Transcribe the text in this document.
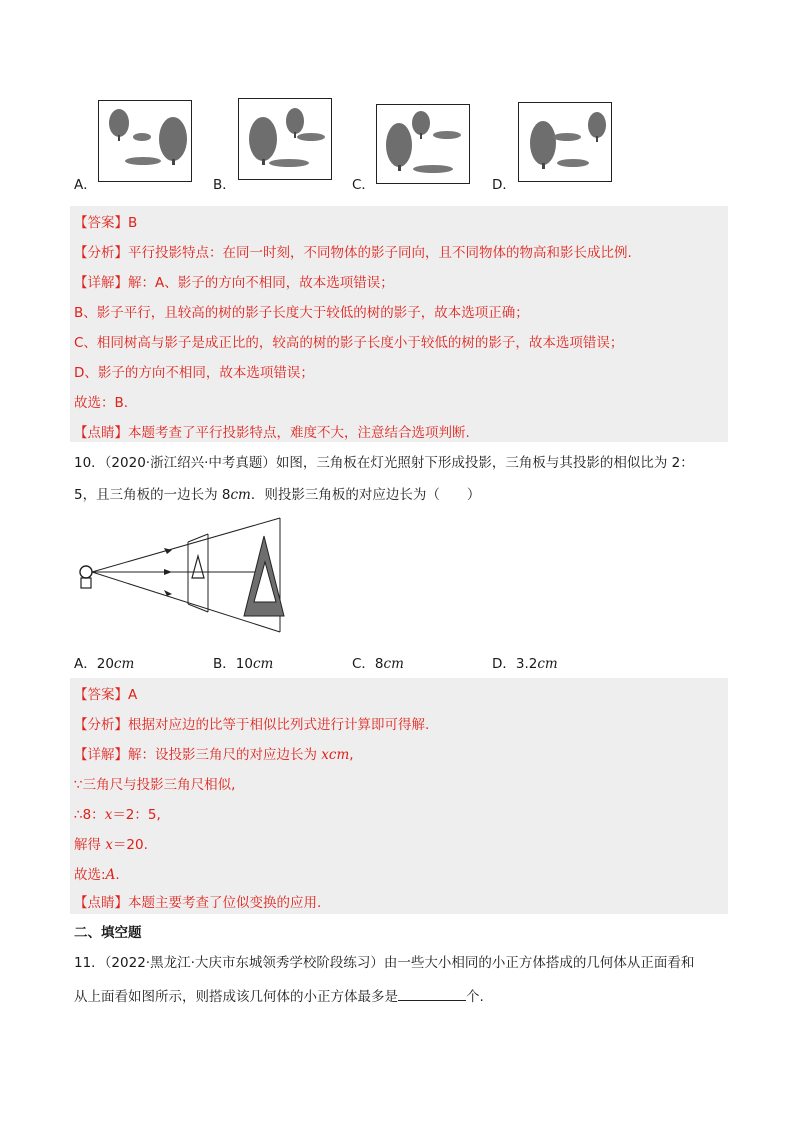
A．	B．	C．	D．
【答案】B
【分析】平行投影特点：在同一时刻，不同物体的影子同向，且不同物体的物高和影长成比例.
【详解】解：A、影子的方向不相同，故本选项错误；
B、影子平行，且较高的树的影子长度大于较低的树的影子，故本选项正确；
C、相同树高与影子是成正比的，较高的树的影子长度小于较低的树的影子，故本选项错误；
D、影子的方向不相同，故本选项错误；
故选：B.
【点睛】本题考查了平行投影特点，难度不大，注意结合选项判断.
10．（2020·浙江绍兴·中考真题）如图，三角板在灯光照射下形成投影，三角板与其投影的相似比为 2：
5，且三角板的一边长为 8cm．则投影三角板的对应边长为（　　）
A．20cm	B．10cm	C．8cm	D．3.2cm
【答案】A
【分析】根据对应边的比等于相似比列式进行计算即可得解.
【详解】解：设投影三角尺的对应边长为 xcm,
∵三角尺与投影三角尺相似,
∴8：x＝2：5,
解得 x＝20.
故选:A.
【点睛】本题主要考查了位似变换的应用.
二、填空题
11．（2022·黑龙江·大庆市东城领秀学校阶段练习）由一些大小相同的小正方体搭成的几何体从正面看和
从上面看如图所示，则搭成该几何体的小正方体最多是	个.
